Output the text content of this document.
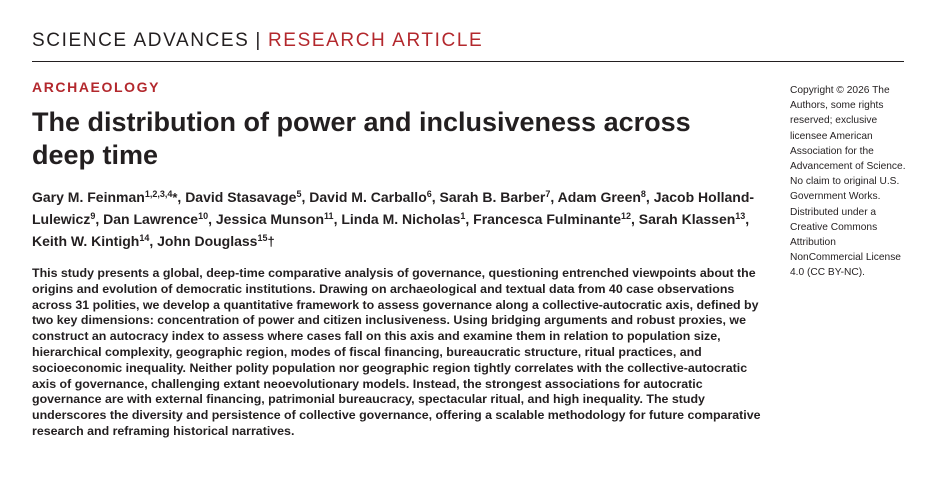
SCIENCE ADVANCES | RESEARCH ARTICLE
ARCHAEOLOGY
The distribution of power and inclusiveness across deep time
Gary M. Feinman$^{1,2,3,4}$*, David Stasavage$^5$, David M. Carballo$^6$, Sarah B. Barber$^7$, Adam Green$^8$, Jacob Holland-Lulewicz$^9$, Dan Lawrence$^{10}$, Jessica Munson$^{11}$, Linda M. Nicholas$^1$, Francesca Fulminante$^{12}$, Sarah Klassen$^{13}$, Keith W. Kintigh$^{14}$, John Douglass$^{15}$†

This study presents a global, deep-time comparative analysis of governance, questioning entrenched viewpoints about the origins and evolution of democratic institutions. Drawing on archaeological and textual data from 40 case observations across 31 polities, we develop a quantitative framework to assess governance along a collective-autocratic axis, defined by two key dimensions: concentration of power and citizen inclusiveness. Using bridging arguments and robust proxies, we construct an autocracy index to assess where cases fall on this axis and examine them in relation to population size, hierarchical complexity, geographic region, modes of fiscal financing, bureaucratic structure, ritual practices, and socioeconomic inequality. Neither polity population nor geographic region tightly correlates with the collective-autocratic axis of governance, challenging extant neoevolutionary models. Instead, the strongest associations for autocratic governance are with external financing, patrimonial bureaucracy, spectacular ritual, and high inequality. The study underscores the diversity and persistence of collective governance, offering a scalable methodology for future comparative research and reframing historical narratives.

Copyright © 2026 The Authors, some rights reserved; exclusive licensee American Association for the Advancement of Science. No claim to original U.S. Government Works. Distributed under a Creative Commons Attribution NonCommercial License 4.0 (CC BY-NC).
